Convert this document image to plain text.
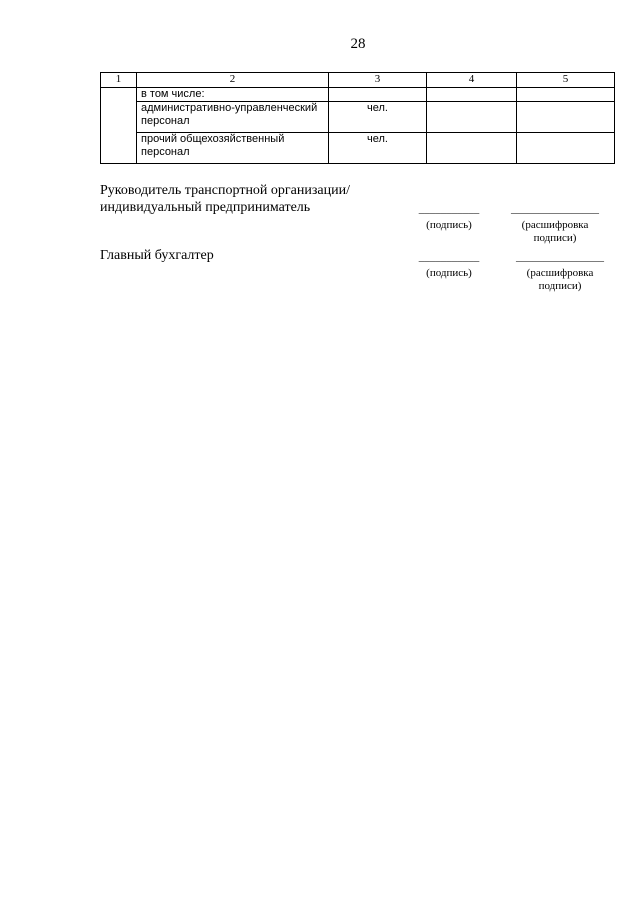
28
1	2	3	4	5
	в том числе:			
	административно-управленческий персонал	чел.		
	прочий общехозяйственный персонал	чел.		
Руководитель транспортной организации/
индивидуальный предприниматель	___________	________________
(подпись)	(расшифровка
подписи)
Главный бухгалтер	___________	________________
(подпись)	(расшифровка
подписи)
